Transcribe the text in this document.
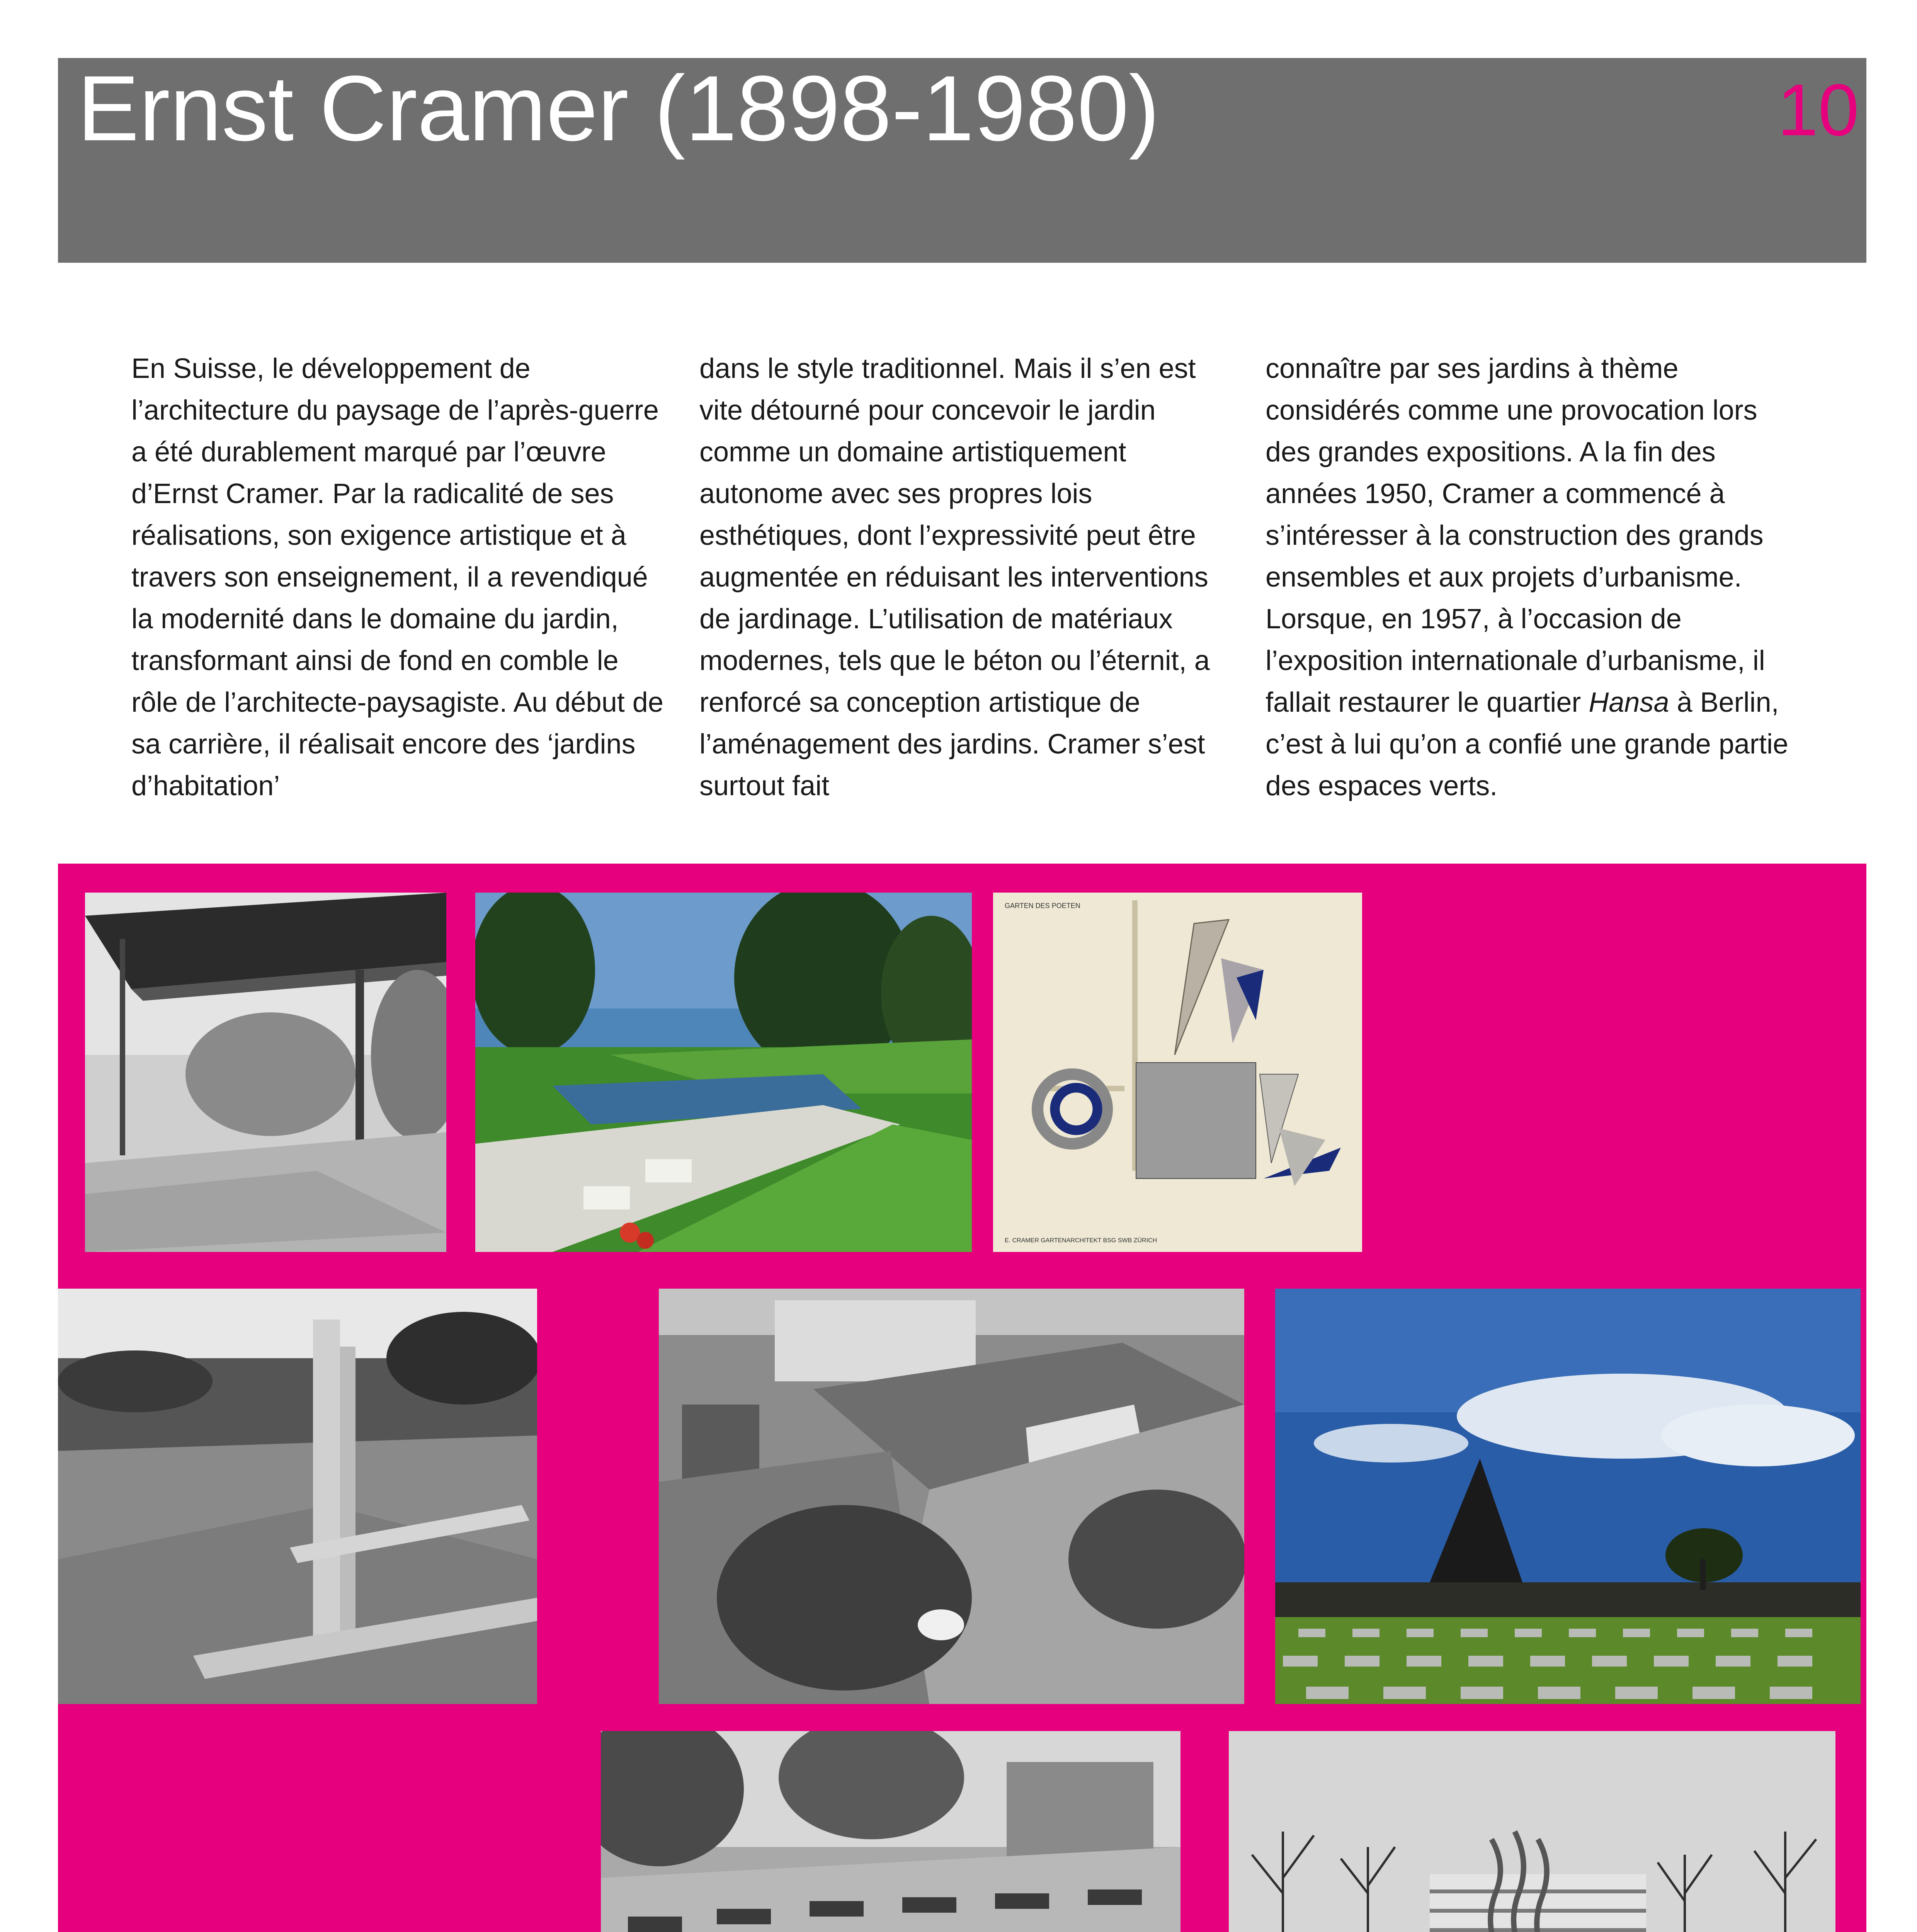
Ernst Cramer (1898-1980)	10

En Suisse, le développement de l’architecture du paysage de l’après-guerre a été durablement marqué par l’œuvre d’Ernst Cramer. Par la radicalité de ses réalisations, son exigence artistique et à travers son enseignement, il a revendiqué la modernité dans le domaine du jardin, transformant ainsi de fond en comble le rôle de l’architecte-paysagiste. Au début de sa carrière, il réalisait encore des ‘jardins d’habitation’

dans le style traditionnel. Mais il s’en est vite détourné pour concevoir le jardin comme un domaine artistiquement autonome avec ses propres lois esthétiques, dont l’expressivité peut être augmentée en réduisant les interventions de jardinage. L’utilisation de matériaux modernes, tels que le béton ou l’éternit, a renforcé sa conception artistique de l’aménagement des jardins. Cramer s’est surtout fait

connaître par ses jardins à thème considérés comme une provocation lors des grandes expositions. A la fin des années 1950, Cramer a commencé à s’intéresser à la construction des grands ensembles et aux projets d’urbanisme. Lorsque, en 1957, à l’occasion de l’exposition internationale d’urbanisme, il fallait restaurer le quartier Hansa à Berlin, c’est à lui qu’on a confié une grande partie des espaces verts.

GARTEN DES POETEN
E. CRAMER GARTENARCHITEKT BSG SWB ZÜRICH
